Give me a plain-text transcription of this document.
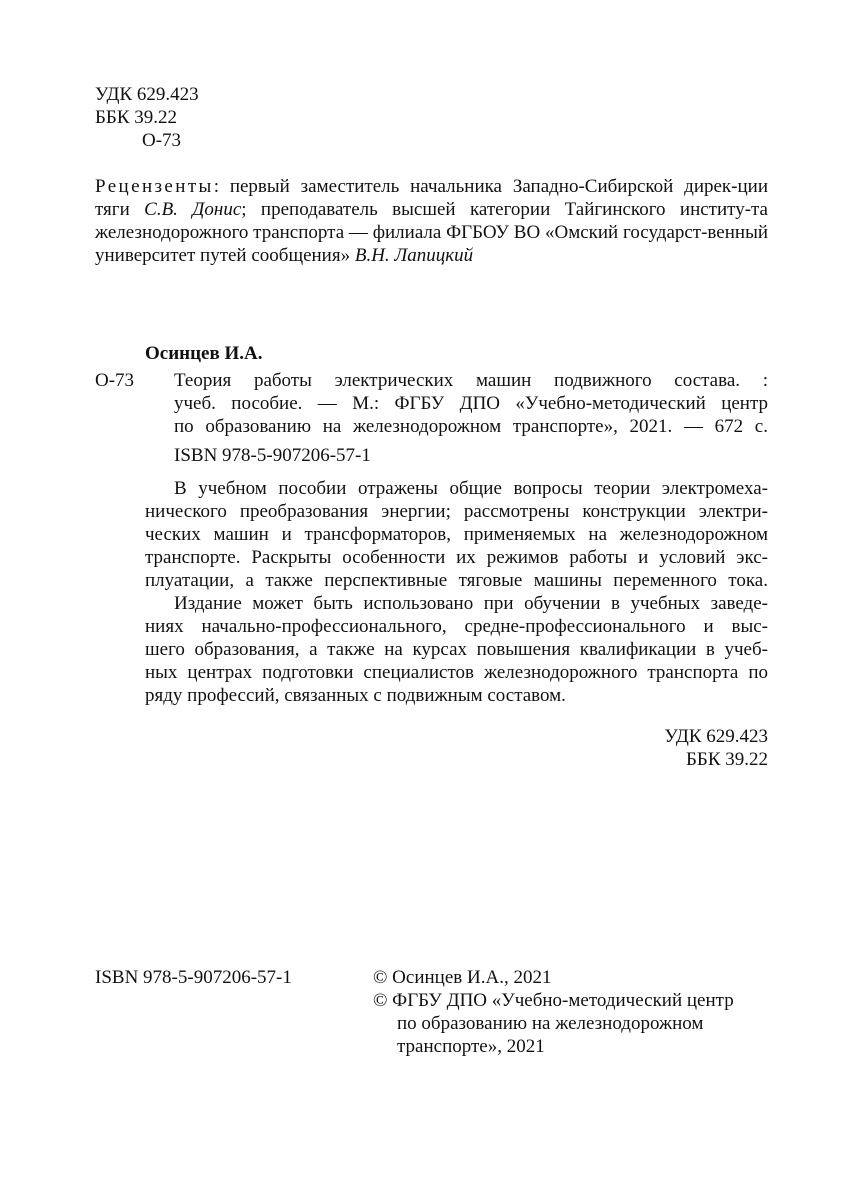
УДК 629.423
ББК 39.22
О-73
Рецензенты: первый заместитель начальника Западно-Сибирской дирек-ции тяги С.В. Донис; преподаватель высшей категории Тайгинского институ-та железнодорожного транспорта — филиала ФГБОУ ВО «Омский государст-венный университет путей сообщения» В.Н. Лапицкий
Осинцев И.А.
О-73 Теория работы электрических машин подвижного состава. :
учеб. пособие. — М.: ФГБУ ДПО «Учебно-методический центр
по образованию на железнодорожном транспорте», 2021. — 672 с.
ISBN 978-5-907206-57-1
В учебном пособии отражены общие вопросы теории электромеха-
нического преобразования энергии; рассмотрены конструкции электри-
ческих машин и трансформаторов, применяемых на железнодорожном
транспорте. Раскрыты особенности их режимов работы и условий экс-
плуатации, а также перспективные тяговые машины переменного тока.
Издание может быть использовано при обучении в учебных заведе-
ниях начально-профессионального, средне-профессионального и выс-
шего образования, а также на курсах повышения квалификации в учеб-
ных центрах подготовки специалистов железнодорожного транспорта по
ряду профессий, связанных с подвижным составом.
УДК 629.423
ББК 39.22
ISBN 978-5-907206-57-1	© Осинцев И.А., 2021
© ФГБУ ДПО «Учебно-методический центр
по образованию на железнодорожном
транспорте», 2021
